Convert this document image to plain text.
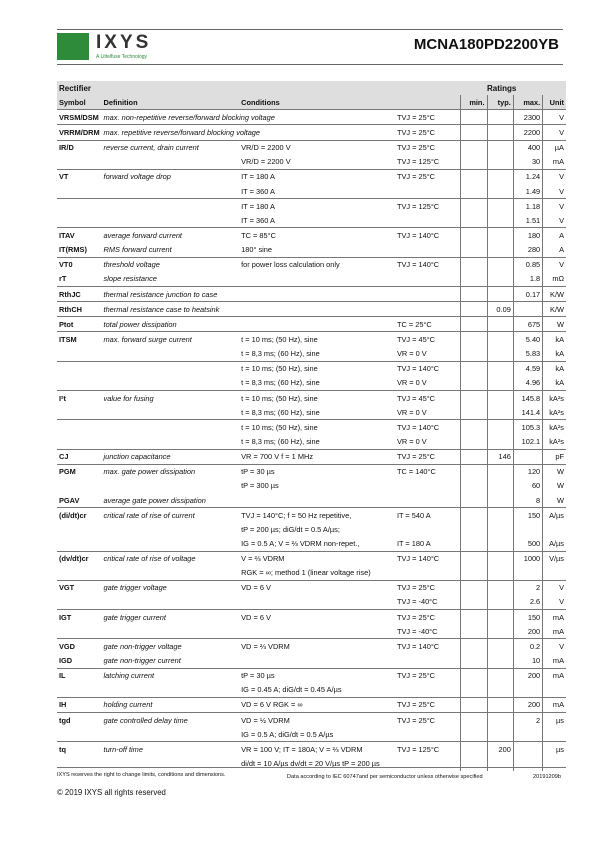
IXYS
A Littelfuse Technology
MCNA180PD2200YB
Rectifier				Ratings			
Symbol	Definition	Conditions		min.	typ.	max.	Unit
VRSM/DSM	max. non-repetitive reverse/forward blocking voltage		TVJ = 25°C			2300	V
VRRM/DRM	max. repetitive reverse/forward blocking voltage		TVJ = 25°C			2200	V
IR/D	reverse current, drain current	VR/D = 2200 V	TVJ = 25°C			400	µA
		VR/D = 2200 V	TVJ = 125°C			30	mA
VT	forward voltage drop	IT = 180 A	TVJ = 25°C			1.24	V
		IT = 360 A				1.49	V
		IT = 180 A	TVJ = 125°C			1.18	V
		IT = 360 A				1.51	V
ITAV	average forward current	TC = 85°C	TVJ = 140°C			180	A
IT(RMS)	RMS forward current	180° sine				280	A
VT0	threshold voltage	for power loss calculation only	TVJ = 140°C			0.85	V
rT	slope resistance					1.8	mΩ
RthJC	thermal resistance junction to case					0.17	K/W
RthCH	thermal resistance case to heatsink				0.09		K/W
Ptot	total power dissipation		TC = 25°C			675	W
ITSM	max. forward surge current	t = 10 ms; (50 Hz), sine	TVJ = 45°C			5.40	kA
		t = 8,3 ms; (60 Hz), sine	VR = 0 V			5.83	kA
		t = 10 ms; (50 Hz), sine	TVJ = 140°C			4.59	kA
		t = 8,3 ms; (60 Hz), sine	VR = 0 V			4.96	kA
I²t	value for fusing	t = 10 ms; (50 Hz), sine	TVJ = 45°C			145.8	kA²s
		t = 8,3 ms; (60 Hz), sine	VR = 0 V			141.4	kA²s
		t = 10 ms; (50 Hz), sine	TVJ = 140°C			105.3	kA²s
		t = 8,3 ms; (60 Hz), sine	VR = 0 V			102.1	kA²s
CJ	junction capacitance	VR = 700 V f = 1 MHz	TVJ = 25°C		146		pF
PGM	max. gate power dissipation	tP = 30 µs	TC = 140°C			120	W
		tP = 300 µs				60	W
PGAV	average gate power dissipation					8	W
(di/dt)cr	critical rate of rise of current	TVJ = 140°C; f = 50 Hz repetitive,	IT = 540 A			150	A/µs
		tP = 200 µs; diG/dt = 0.5 A/µs;					
		IG = 0.5 A; V = ⅔ VDRM non-repet.,	IT = 180 A			500	A/µs
(dv/dt)cr	critical rate of rise of voltage	V = ⅔ VDRM	TVJ = 140°C			1000	V/µs
		RGK = ∞; method 1 (linear voltage rise)					
VGT	gate trigger voltage	VD = 6 V	TVJ = 25°C			2	V
			TVJ = -40°C			2.6	V
IGT	gate trigger current	VD = 6 V	TVJ = 25°C			150	mA
			TVJ = -40°C			200	mA
VGD	gate non-trigger voltage	VD = ⅔ VDRM	TVJ = 140°C			0.2	V
IGD	gate non-trigger current					10	mA
IL	latching current	tP = 30 µs	TVJ = 25°C			200	mA
		IG = 0.45 A; diG/dt = 0.45 A/µs					
IH	holding current	VD = 6 V RGK = ∞	TVJ = 25°C			200	mA
tgd	gate controlled delay time	VD = ½ VDRM	TVJ = 25°C			2	µs
		IG = 0.5 A; diG/dt = 0.5 A/µs					
tq	turn-off time	VR = 100 V; IT = 180A; V = ⅔ VDRM	TVJ = 125°C		200		µs
		di/dt = 10 A/µs dv/dt = 20 V/µs tP = 200 µs					
IXYS reserves the right to change limits, conditions and dimensions.	Data according to IEC 60747and per semiconductor unless otherwise specified	20191209b
© 2019 IXYS all rights reserved
